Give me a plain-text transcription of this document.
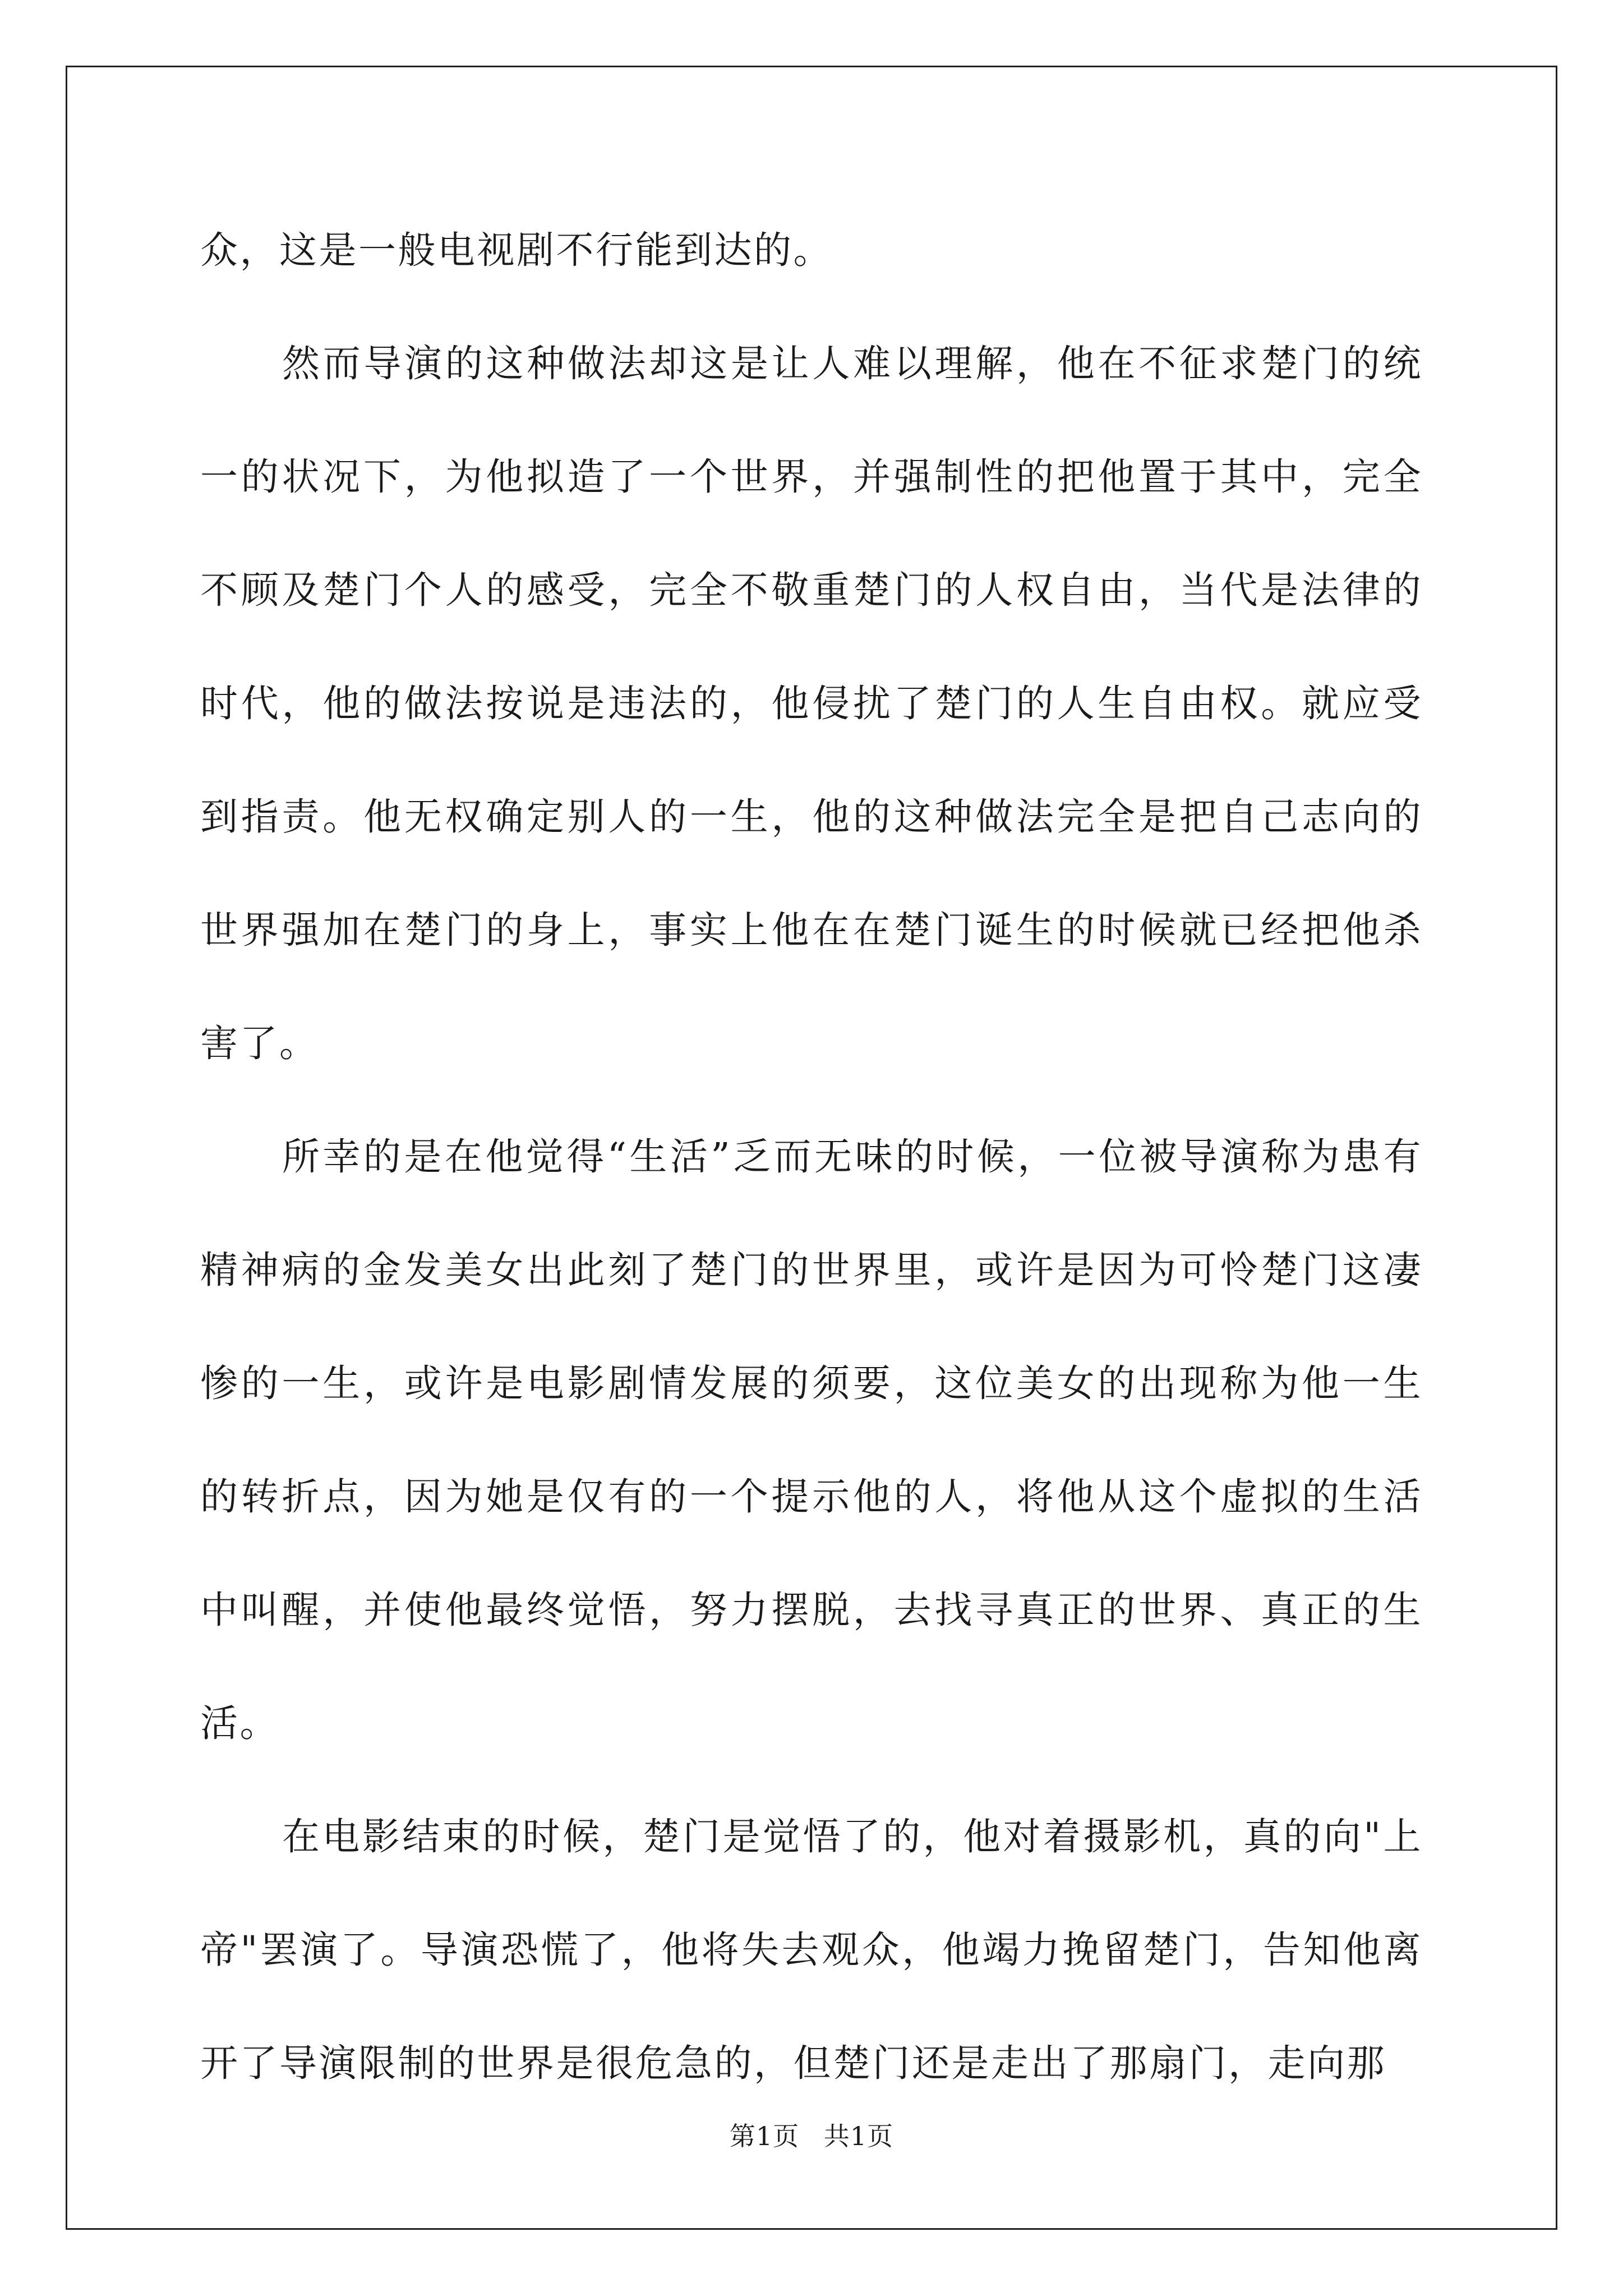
众，这是一般电视剧不行能到达的。

然而导演的这种做法却这是让人难以理解，他在不征求楚门的统一的状况下，为他拟造了一个世界，并强制性的把他置于其中，完全不顾及楚门个人的感受，完全不敬重楚门的人权自由，当代是法律的时代，他的做法按说是违法的，他侵扰了楚门的人生自由权。就应受到指责。他无权确定别人的一生，他的这种做法完全是把自己志向的世界强加在楚门的身上，事实上他在在楚门诞生的时候就已经把他杀害了。

所幸的是在他觉得“生活”乏而无味的时候，一位被导演称为患有精神病的金发美女出此刻了楚门的世界里，或许是因为可怜楚门这凄惨的一生，或许是电影剧情发展的须要，这位美女的出现称为他一生的转折点，因为她是仅有的一个提示他的人，将他从这个虚拟的生活中叫醒，并使他最终觉悟，努力摆脱，去找寻真正的世界、真正的生活。

在电影结束的时候，楚门是觉悟了的，他对着摄影机，真的向"上帝"罢演了。导演恐慌了，他将失去观众，他竭力挽留楚门，告知他离开了导演限制的世界是很危急的，但楚门还是走出了那扇门，走向那

第1页 共1页
